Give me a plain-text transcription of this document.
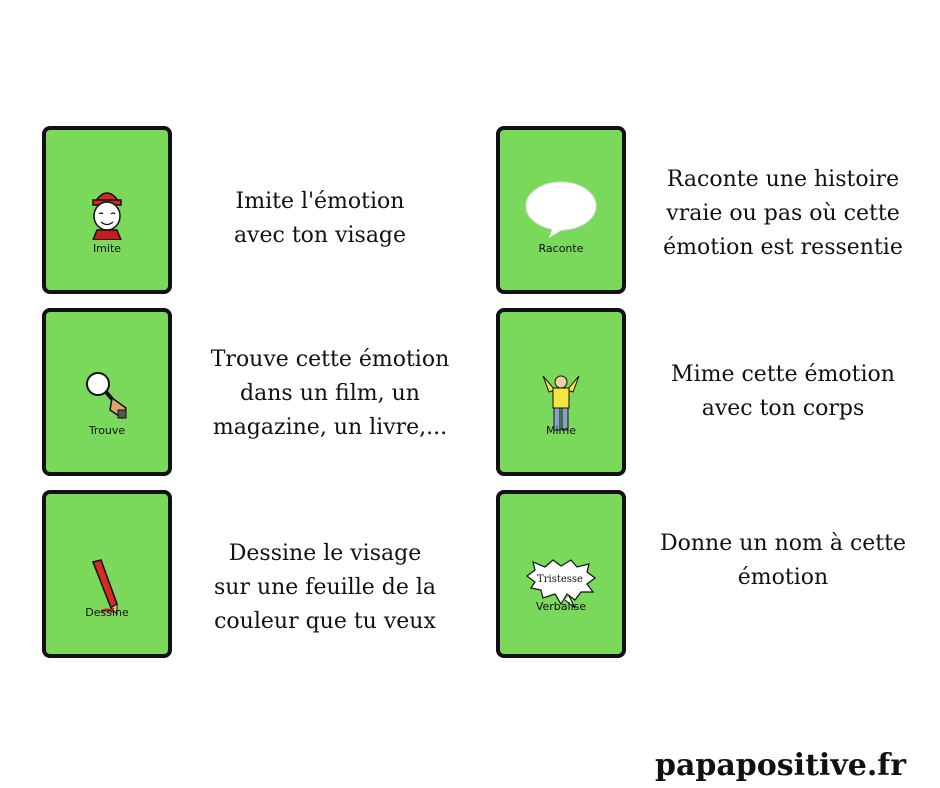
Imite
Imite l'émotion
avec ton visage
Raconte
Raconte une histoire
vraie ou pas où cette
émotion est ressentie
Trouve
Trouve cette émotion
dans un film, un
magazine, un livre,...	Mime
Mime cette émotion
avec ton corps
Dessine
Dessine le visage
sur une feuille de la
couleur que tu veux
Tristesse
Verbalise
Donne un nom à cette
émotion
papapositive.fr
